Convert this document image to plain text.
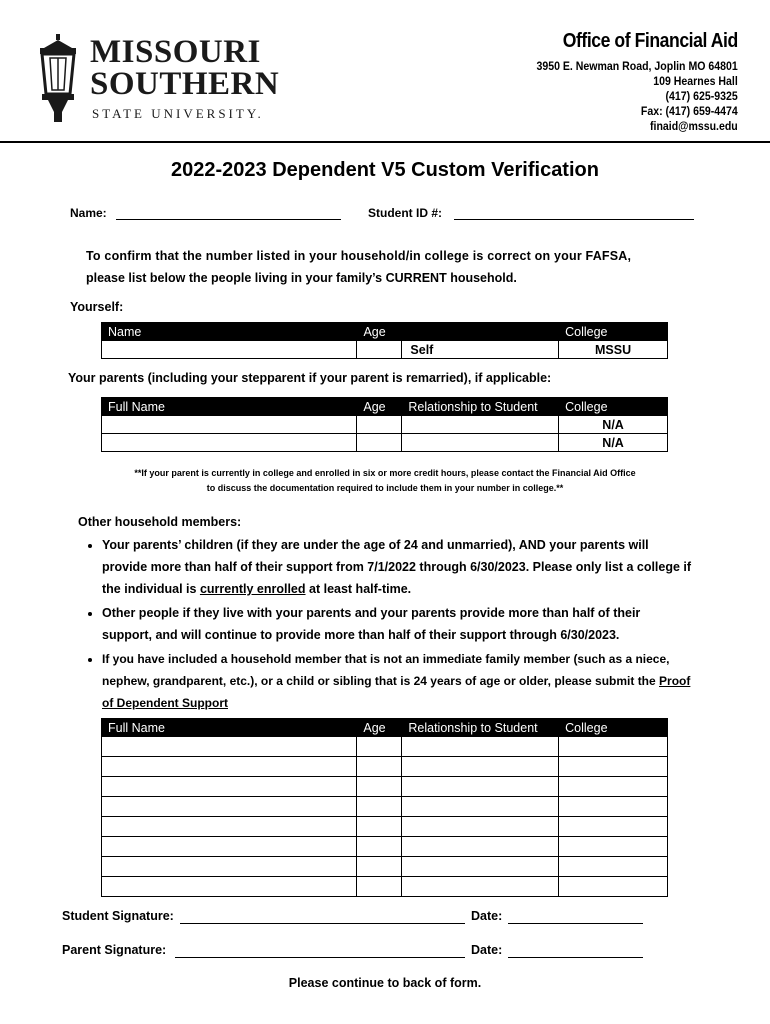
MISSOURI
SOUTHERN
STATE UNIVERSITY.
Office of Financial Aid
3950 E. Newman Road, Joplin MO 64801
109 Hearnes Hall
(417) 625-9325
Fax: (417) 659-4474
finaid@mssu.edu
2022-2023 Dependent V5 Custom Verification
Name:	Student ID #:
To confirm that the number listed in your household/in college is correct on your FAFSA,
please list below the people living in your family’s CURRENT household.
Yourself:
Name	Age		College
		Self	MSSU
Your parents (including your stepparent if your parent is remarried), if applicable:
Full Name	Age	Relationship to Student	College
			N/A
			N/A
**If your parent is currently in college and enrolled in six or more credit hours, please contact the Financial Aid Office
to discuss the documentation required to include them in your number in college.**
Other household members:
• Your parents’ children (if they are under the age of 24 and unmarried), AND your parents will provide more than half of their support from 7/1/2022 through 6/30/2023. Please only list a college if the individual is currently enrolled at least half-time.
• Other people if they live with your parents and your parents provide more than half of their support, and will continue to provide more than half of their support through 6/30/2023.
• If you have included a household member that is not an immediate family member (such as a niece, nephew, grandparent, etc.), or a child or sibling that is 24 years of age or older, please submit the Proof of Dependent Support
Full Name	Age	Relationship to Student	College

Student Signature:	Date:
Parent Signature:	Date:
Please continue to back of form.
